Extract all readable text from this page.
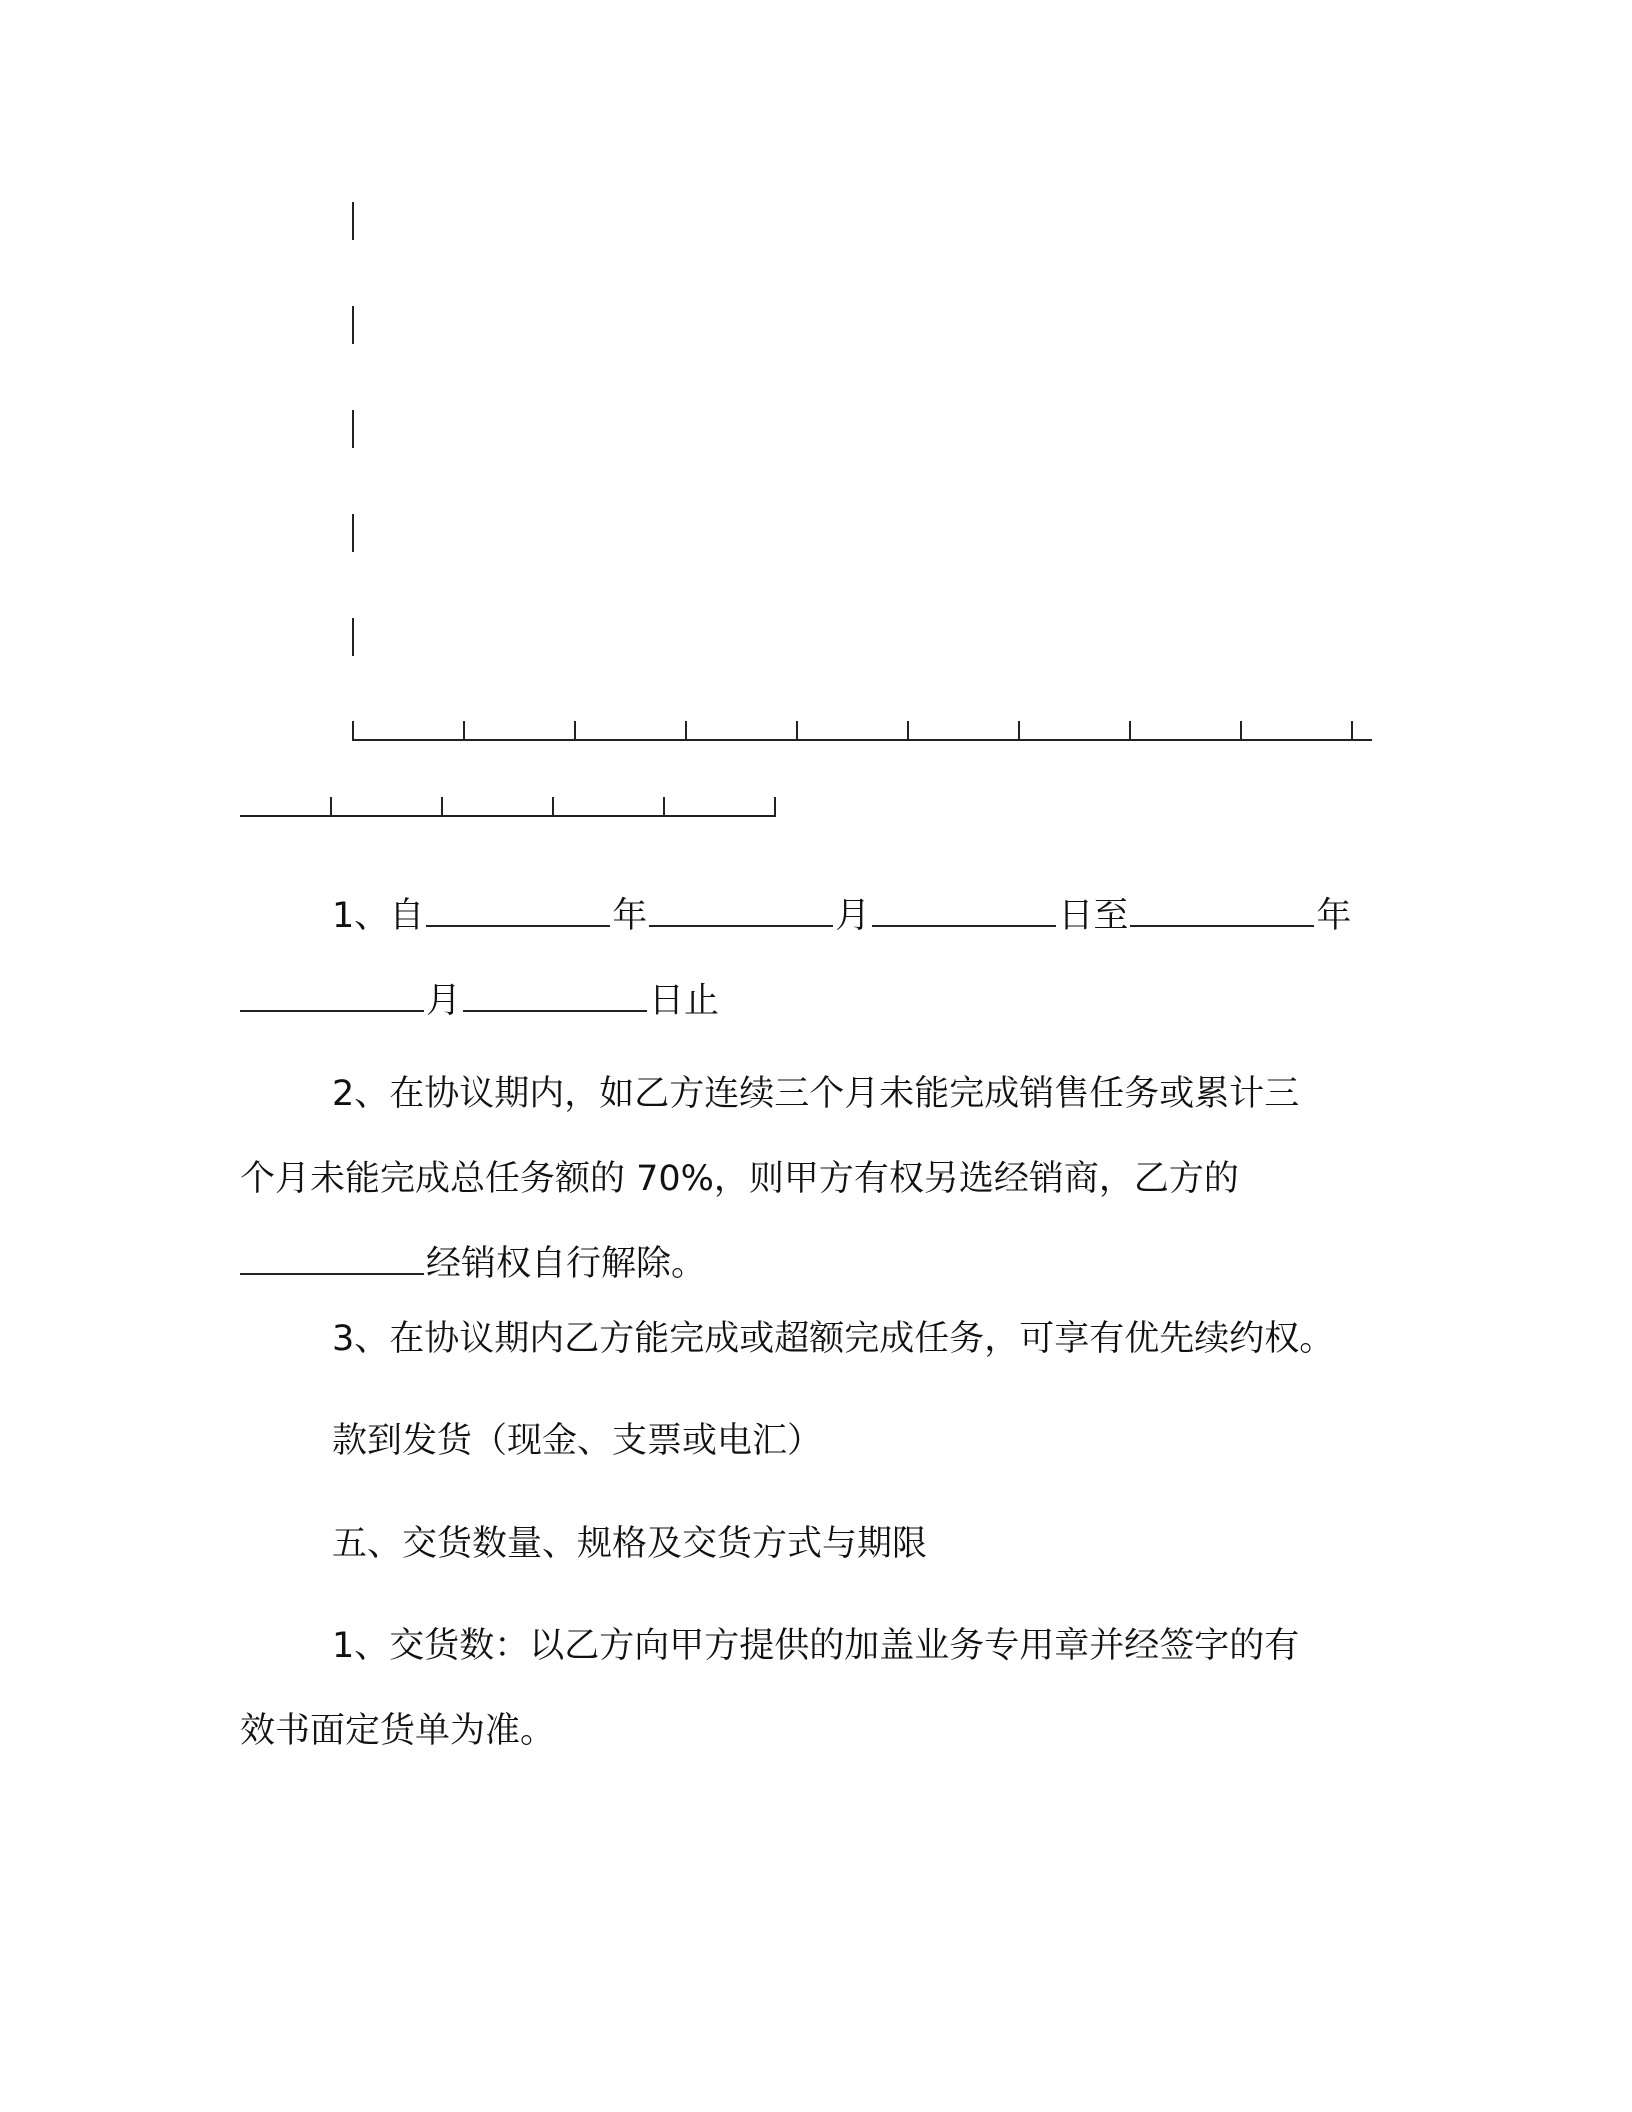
1、自	年	月	日至	年
月	日止
2、在协议期内，如乙方连续三个月未能完成销售任务或累计三
个月未能完成总任务额的 70%，则甲方有权另选经销商，乙方的
经销权自行解除。
3、在协议期内乙方能完成或超额完成任务，可享有优先续约权。
款到发货（现金、支票或电汇）
五、交货数量、规格及交货方式与期限
1、交货数：以乙方向甲方提供的加盖业务专用章并经签字的有
效书面定货单为准。
